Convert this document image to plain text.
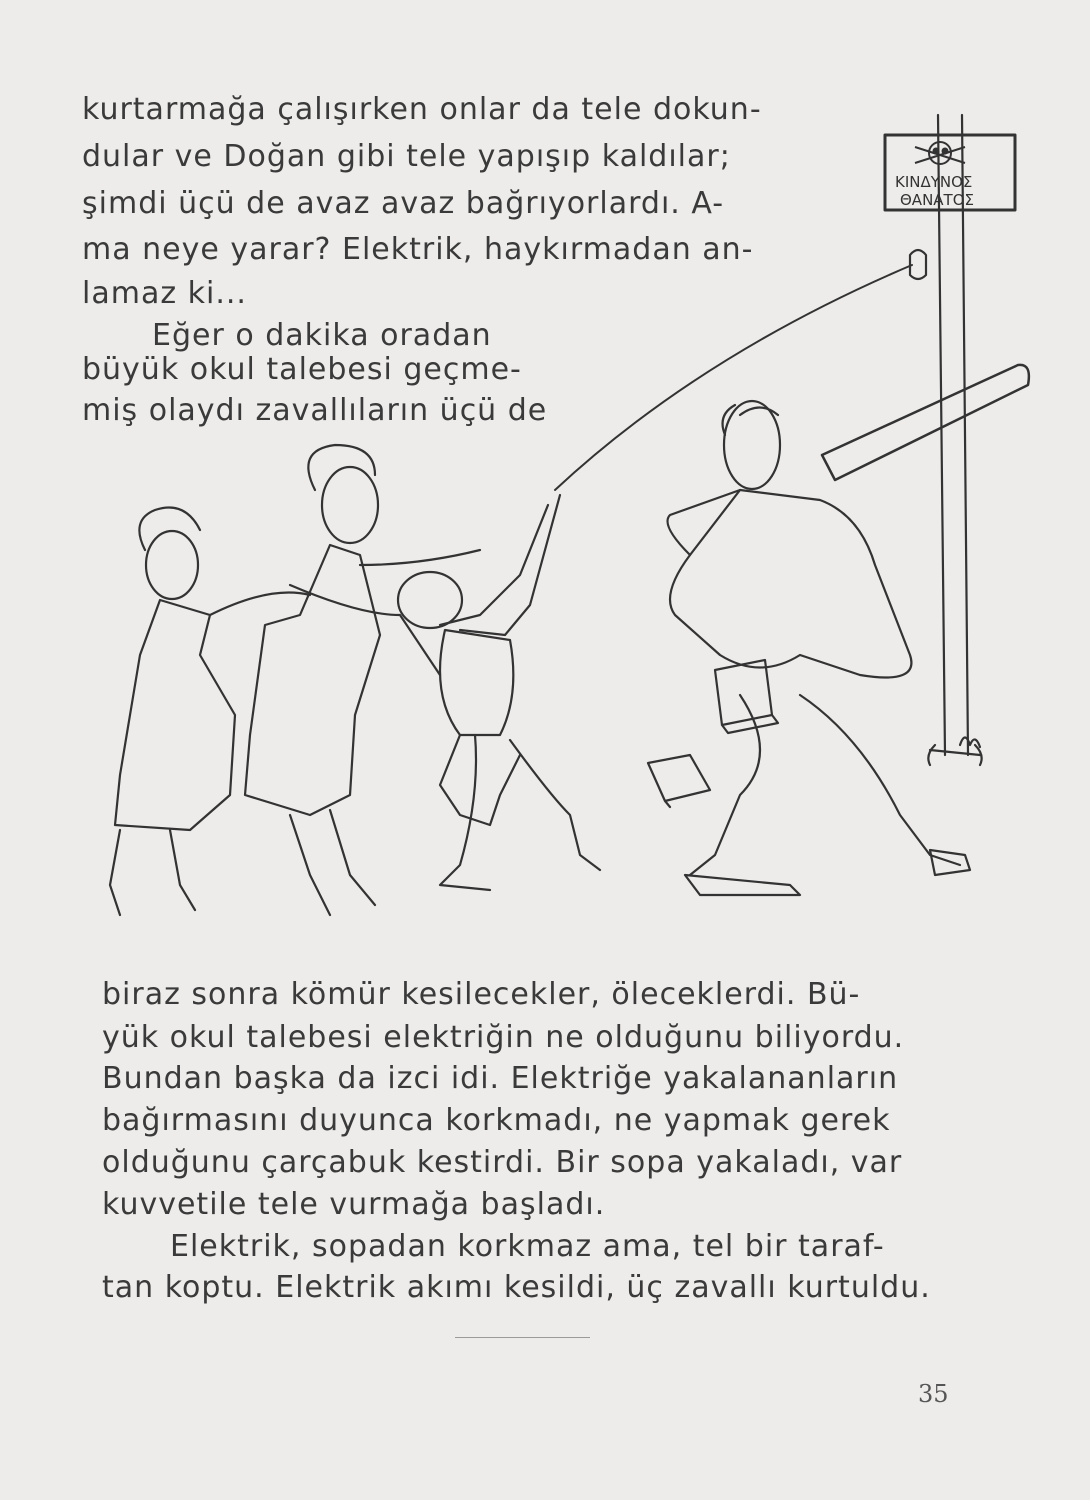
kurtarmağa çalışırken onlar da tele dokun-
dular ve Doğan gibi tele yapışıp kaldılar;
şimdi üçü de avaz avaz bağrıyorlardı. A-
ma neye yarar? Elektrik, haykırmadan an-
lamaz ki...
Eğer o dakika oradan
büyük okul talebesi geçme-
miş olaydı zavallıların üçü de
ΚΙΝΔΥΝΟΣ
ΘΑΝΑΤΟΣ
biraz sonra kömür kesilecekler, öleceklerdi. Bü-
yük okul talebesi elektriğin ne olduğunu biliyordu.
Bundan başka da izci idi. Elektriğe yakalananların
bağırmasını duyunca korkmadı, ne yapmak gerek
olduğunu çarçabuk kestirdi. Bir sopa yakaladı, var
kuvvetile tele vurmağa başladı.
Elektrik, sopadan korkmaz ama, tel bir taraf-
tan koptu. Elektrik akımı kesildi, üç zavallı kurtuldu.
35
